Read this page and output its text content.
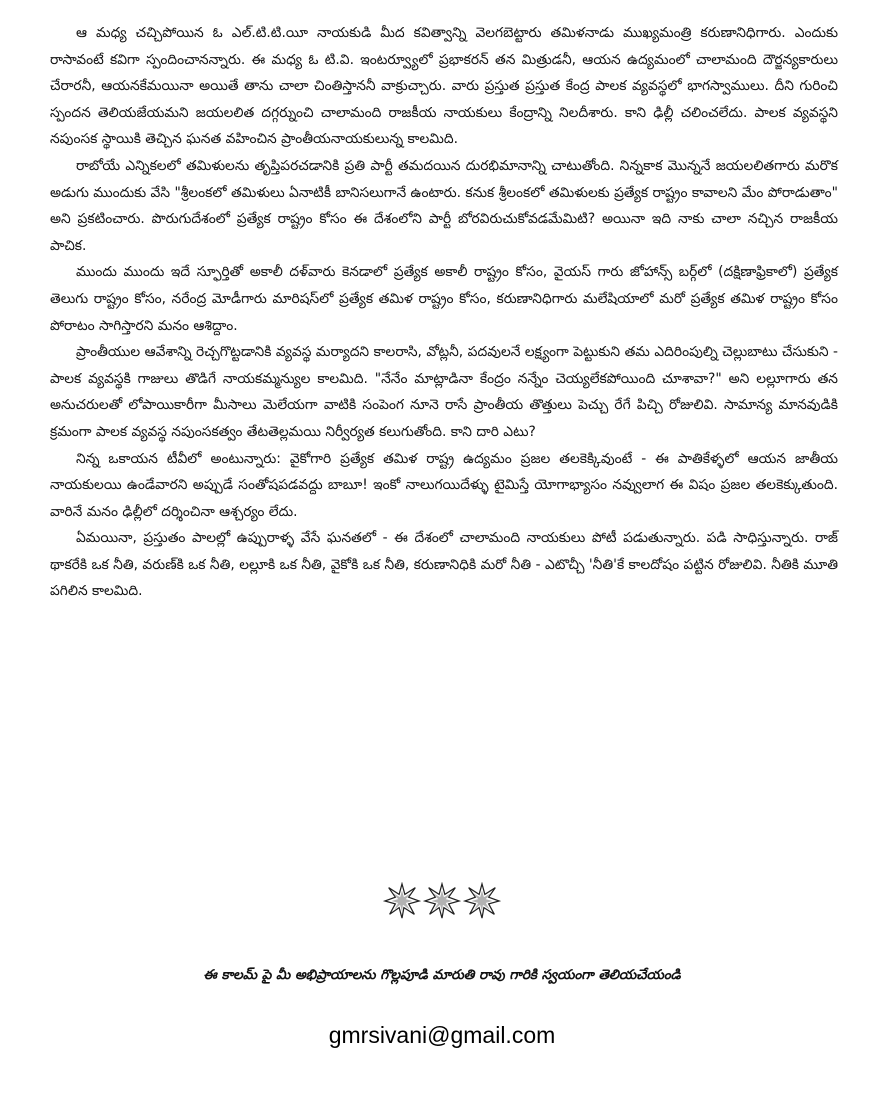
ఆ మధ్య చచ్చిపోయిన ఓ ఎల్.టి.టి.యీ నాయకుడి మీద కవిత్వాన్ని వెలగబెట్టారు తమిళనాడు ముఖ్యమంత్రి కరుణానిధిగారు. ఎందుకు రాసావంటే కవిగా స్పందించానన్నారు. ఈ మధ్య ఓ టి.వి. ఇంటర్వ్యూలో ప్రభాకరన్ తన మిత్రుడనీ, ఆయన ఉద్యమంలో చాలామంది దౌర్జన్యకారులు చేరారనీ, ఆయనకేమయినా అయితే తాను చాలా చింతిస్తాననీ వాక్రుచ్చారు. వారు ప్రస్తుత ప్రస్తుత కేంద్ర పాలక వ్యవస్థలో భాగస్వాములు. దీని గురించి స్పందన తెలియజేయమని జయలలిత దగ్గర్నుంచి చాలామంది రాజకీయ నాయకులు కేంద్రాన్ని నిలదీశారు. కాని ఢిల్లీ చలించలేదు. పాలక వ్యవస్థని నపుంసక స్థాయికి తెచ్చిన ఘనత వహించిన ప్రాంతీయనాయకులున్న కాలమిది.

రాబోయే ఎన్నికలలో తమిళులను తృప్తిపరచడానికి ప్రతి పార్టీ తమదయిన దురభిమానాన్ని చాటుతోంది. నిన్నకాక మొన్ననే జయలలితగారు మరొక అడుగు ముందుకు వేసి "శ్రీలంకలో తమిళులు ఏనాటికీ బానిసలుగానే ఉంటారు. కనుక శ్రీలంకలో తమిళులకు ప్రత్యేక రాష్ట్రం కావాలని మేం పోరాడుతాం" అని ప్రకటించారు. పొరుగుదేశంలో ప్రత్యేక రాష్ట్రం కోసం ఈ దేశంలోని పార్టీ బోరవిరుచుకోవడమేమిటి? అయినా ఇది నాకు చాలా నచ్చిన రాజకీయ పాచిక.

ముందు ముందు ఇదే స్ఫూర్తితో అకాలీ దళ్‌వారు కెనడాలో ప్రత్యేక అకాలీ రాష్ట్రం కోసం, వైయస్ గారు జోహాన్స్ బర్గ్‌లో (దక్షిణాఫ్రికాలో) ప్రత్యేక తెలుగు రాష్ట్రం కోసం, నరేంద్ర మోడీగారు మారిషస్‌లో ప్రత్యేక తమిళ రాష్ట్రం కోసం, కరుణానిధిగారు మలేషియాలో మరో ప్రత్యేక తమిళ రాష్ట్రం కోసం పోరాటం సాగిస్తారని మనం ఆశిద్దాం.

ప్రాంతీయుల ఆవేశాన్ని రెచ్చగొట్టడానికి వ్యవస్థ మర్యాదని కాలరాసి, వోట్లనీ, పదవులనే లక్ష్యంగా పెట్టుకుని తమ ఎదిరింపుల్ని చెల్లుబాటు చేసుకుని - పాలక వ్యవస్థకి గాజులు తొడిగే నాయకమ్మన్యుల కాలమిది. "నేనేం మాట్లాడినా కేంద్రం నన్నేం చెయ్యలేకపోయింది చూశావా?" అని లల్లూగారు తన అనుచరులతో లోపాయికారీగా మీసాలు మెలేయగా వాటికి సంపెంగ నూనె రాసే ప్రాంతీయ తొత్తులు పెచ్చు రేగే పిచ్చి రోజులివి. సామాన్య మానవుడికి క్రమంగా పాలక వ్యవస్థ నపుంసకత్వం తేటతెల్లమయి నిర్వీర్యత కలుగుతోంది. కాని దారి ఎటు?

నిన్న ఒకాయన టీవీలో అంటున్నారు: వైకోగారి ప్రత్యేక తమిళ రాష్ట్ర ఉద్యమం ప్రజల తలకెక్కివుంటే - ఈ పాతికేళ్ళలో ఆయన జాతీయ నాయకులయి ఉండేవారని అప్పుడే సంతోషపడవద్దు బాబూ! ఇంకో నాలుగయిదేళ్ళు టైమిస్తే యోగాభ్యాసం నవ్వులాగ ఈ విషం ప్రజల తలకెక్కుతుంది. వారినే మనం ఢిల్లీలో దర్శించినా ఆశ్చర్యం లేదు.

ఏమయినా, ప్రస్తుతం పాలల్లో ఉప్పురాళ్ళ వేసే ఘనతలో - ఈ దేశంలో చాలామంది నాయకులు పోటీ పడుతున్నారు. పడి సాధిస్తున్నారు. రాజ్ థాకరేకి ఒక నీతి, వరుణ్‌కి ఒక నీతి, లల్లూకి ఒక నీతి, వైకోకి ఒక నీతి, కరుణానిధికి మరో నీతి - ఎటొచ్చీ 'నీతి'కే కాలదోషం పట్టిన రోజులివి. నీతికి మూతి పగిలిన కాలమిది.

ఈ కాలమ్ పై మీ అభిప్రాయాలను గొల్లపూడి మారుతి రావు గారికి స్వయంగా తెలియచేయండి
gmrsivani@gmail.com
